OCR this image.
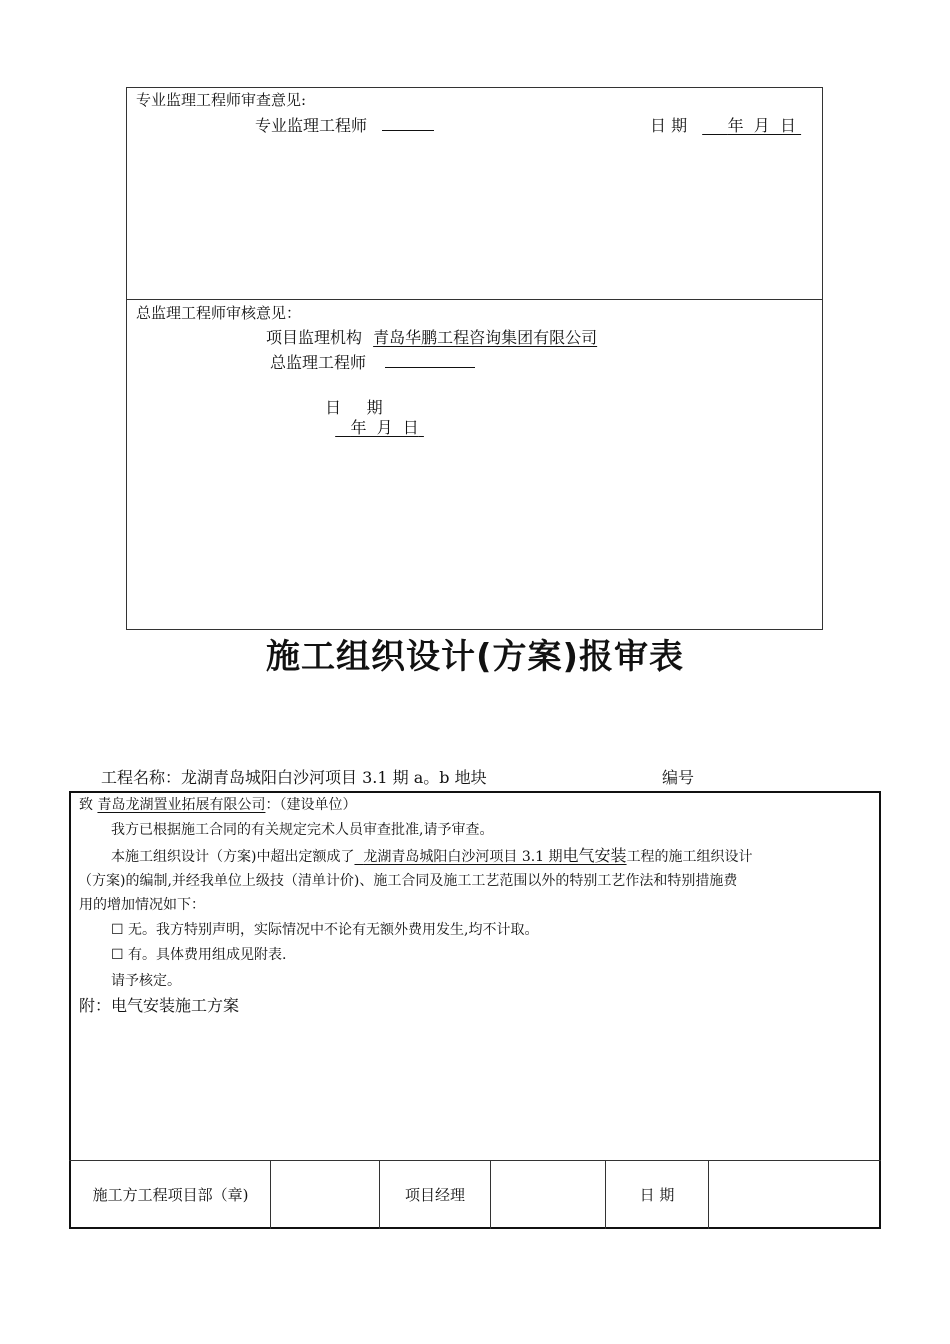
专业监理工程师审查意见:
专业监理工程师	日 期	年  月  日
总监理工程师审核意见：
项目监理机构 青岛华鹏工程咨询集团有限公司
总监理工程师

日     期
年  月  日

施工组织设计(方案)报审表
工程名称：龙湖青岛城阳白沙河项目 3.1 期 a。b 地块	编号
致 青岛龙湖置业拓展有限公司：（建设单位）
我方已根据施工合同的有关规定完术人员审查批准,请予审查。
本施工组织设计（方案)中超出定额成了 龙湖青岛城阳白沙河项目 3.1 期电气安装工程的施工组织设计
（方案)的编制,并经我单位上级技（清单计价)、施工合同及施工工艺范围以外的特别工艺作法和特别措施费
用的增加情况如下：
☐ 无。我方特别声明，实际情况中不论有无额外费用发生,均不计取。
☐ 有。具体费用组成见附表.
请予核定。
附：电气安装施工方案
施工方工程项目部（章)	项目经理	日 期
